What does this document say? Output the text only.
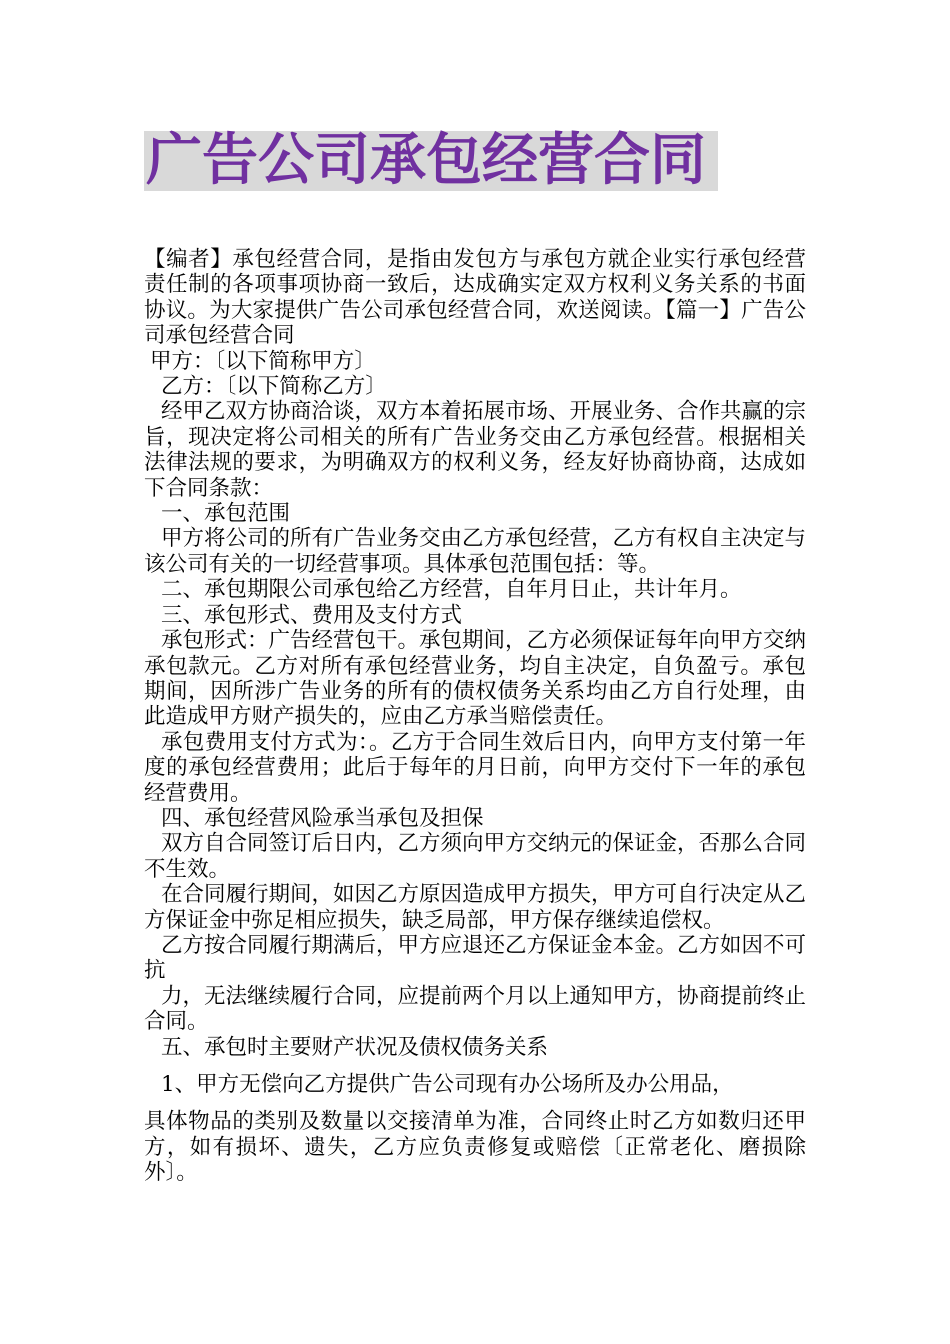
广告公司承包经营合同

【编者】承包经营合同，是指由发包方与承包方就企业实行承包经营责任制的各项事项协商一致后，达成确实定双方权利义务关系的书面协议。为大家提供广告公司承包经营合同，欢送阅读。【篇一】广告公司承包经营合同

甲方：〔以下简称甲方〕

乙方：〔以下简称乙方〕

经甲乙双方协商洽谈，双方本着拓展市场、开展业务、合作共赢的宗旨，现决定将公司相关的所有广告业务交由乙方承包经营。根据相关法律法规的要求，为明确双方的权利义务，经友好协商协商，达成如下合同条款：

一、承包范围

甲方将公司的所有广告业务交由乙方承包经营，乙方有权自主决定与该公司有关的一切经营事项。具体承包范围包括：等。

二、承包期限公司承包给乙方经营，自年月日止，共计年月。

三、承包形式、费用及支付方式

承包形式：广告经营包干。承包期间，乙方必须保证每年向甲方交纳承包款元。乙方对所有承包经营业务，均自主决定，自负盈亏。承包期间，因所涉广告业务的所有的债权债务关系均由乙方自行处理，由此造成甲方财产损失的，应由乙方承当赔偿责任。

承包费用支付方式为：。乙方于合同生效后日内，向甲方支付第一年度的承包经营费用；此后于每年的月日前，向甲方交付下一年的承包经营费用。

四、承包经营风险承当承包及担保

双方自合同签订后日内，乙方须向甲方交纳元的保证金，否那么合同不生效。

在合同履行期间，如因乙方原因造成甲方损失，甲方可自行决定从乙方保证金中弥足相应损失，缺乏局部，甲方保存继续追偿权。

乙方按合同履行期满后，甲方应退还乙方保证金本金。乙方如因不可抗

力，无法继续履行合同，应提前两个月以上通知甲方，协商提前终止合同。

五、承包时主要财产状况及债权债务关系

1、甲方无偿向乙方提供广告公司现有办公场所及办公用品，

具体物品的类别及数量以交接清单为准，合同终止时乙方如数归还甲方，如有损坏、遗失，乙方应负责修复或赔偿〔正常老化、磨损除外〕。
